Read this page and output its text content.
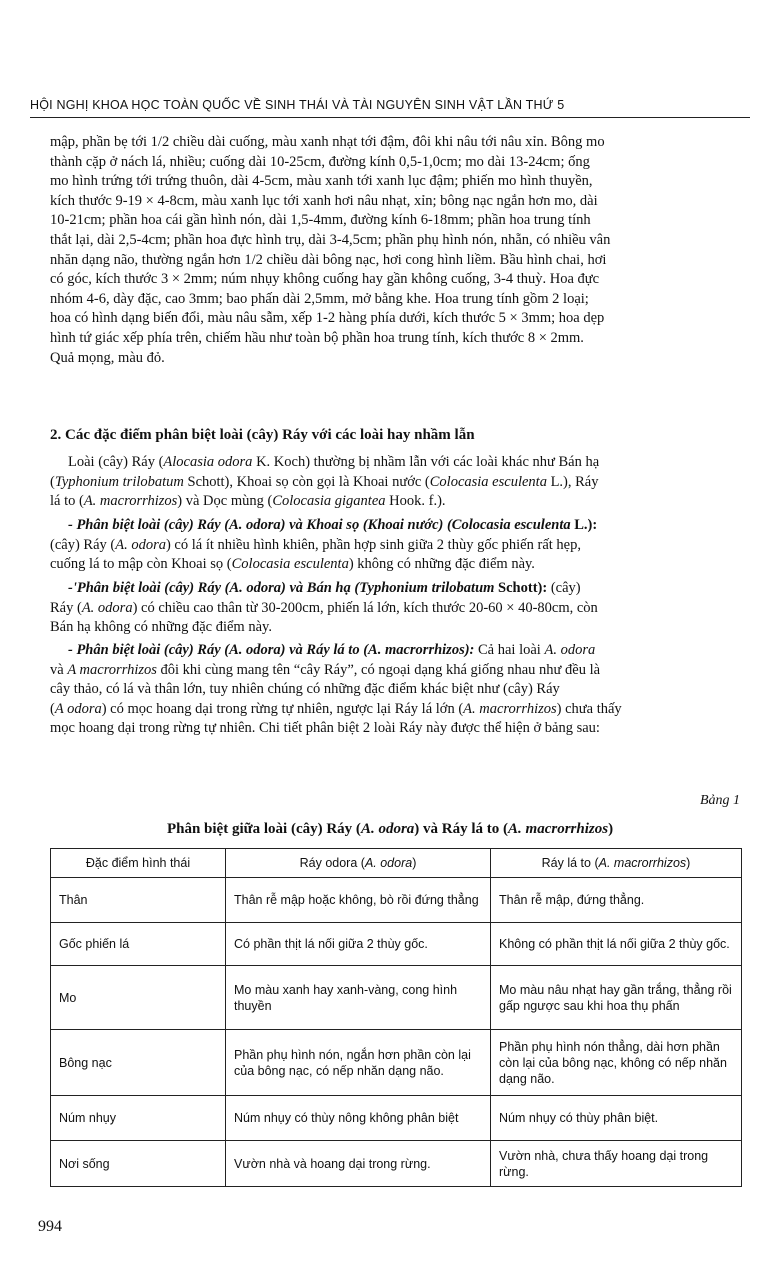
HỘI NGHỊ KHOA HỌC TOÀN QUỐC VỀ SINH THÁI VÀ TÀI NGUYÊN SINH VẬT LẦN THỨ 5
mập, phần bẹ tới 1/2 chiều dài cuống, màu xanh nhạt tới đậm, đôi khi nâu tới nâu xỉn. Bông mo
thành cặp ở nách lá, nhiều; cuống dài 10-25cm, đường kính 0,5-1,0cm; mo dài 13-24cm; ống
mo hình trứng tới trứng thuôn, dài 4-5cm, màu xanh tới xanh lục đậm; phiến mo hình thuyền,
kích thước 9-19 × 4-8cm, màu xanh lục tới xanh hơi nâu nhạt, xỉn; bông nạc ngắn hơn mo, dài
10-21cm; phần hoa cái gần hình nón, dài 1,5-4mm, đường kính 6-18mm; phần hoa trung tính
thắt lại, dài 2,5-4cm; phần hoa đực hình trụ, dài 3-4,5cm; phần phụ hình nón, nhẵn, có nhiều vân
nhăn dạng não, thường ngắn hơn 1/2 chiều dài bông nạc, hơi cong hình liềm. Bầu hình chai, hơi
có góc, kích thước 3 × 2mm; núm nhụy không cuống hay gần không cuống, 3-4 thuỳ. Hoa đực
nhóm 4-6, dày đặc, cao 3mm; bao phấn dài 2,5mm, mở bằng khe. Hoa trung tính gồm 2 loại;
hoa có hình dạng biến đổi, màu nâu sẫm, xếp 1-2 hàng phía dưới, kích thước 5 × 3mm; hoa dẹp
hình tứ giác xếp phía trên, chiếm hầu như toàn bộ phần hoa trung tính, kích thước 8 × 2mm.
Quả mọng, màu đỏ.
2. Các đặc điểm phân biệt loài (cây) Ráy với các loài hay nhầm lẫn
Loài (cây) Ráy (Alocasia odora K. Koch) thường bị nhầm lẫn với các loài khác như Bán hạ
(Typhonium trilobatum Schott), Khoai sọ còn gọi là Khoai nước (Colocasia esculenta L.), Ráy
lá to (A. macrorrhizos) và Dọc mùng (Colocasia gigantea Hook. f.).
- Phân biệt loài (cây) Ráy (A. odora) và Khoai sọ (Khoai nước) (Colocasia esculenta L.):
(cây) Ráy (A. odora) có lá ít nhiều hình khiên, phần hợp sinh giữa 2 thùy gốc phiến rất hẹp,
cuống lá to mập còn Khoai sọ (Colocasia esculenta) không có những đặc điểm này.
-'Phân biệt loài (cây) Ráy (A. odora) và Bán hạ (Typhonium trilobatum Schott): (cây)
Ráy (A. odora) có chiều cao thân từ 30-200cm, phiến lá lớn, kích thước 20-60 × 40-80cm, còn
Bán hạ không có những đặc điểm này.
- Phân biệt loài (cây) Ráy (A. odora) và Ráy lá to (A. macrorrhizos): Cả hai loài A. odora
và A macrorrhizos đôi khi cùng mang tên “cây Ráy”, có ngoại dạng khá giống nhau như đều là
cây thảo, có lá và thân lớn, tuy nhiên chúng có những đặc điểm khác biệt như (cây) Ráy
(A odora) có mọc hoang dại trong rừng tự nhiên, ngược lại Ráy lá lớn (A. macrorrhizos) chưa thấy
mọc hoang dại trong rừng tự nhiên. Chi tiết phân biệt 2 loài Ráy này được thể hiện ở bảng sau:
Bảng 1
Phân biệt giữa loài (cây) Ráy (A. odora) và Ráy lá to (A. macrorrhizos)
Đặc điểm hình thái	Ráy odora (A. odora)	Ráy lá to (A. macrorrhizos)
Thân	Thân rễ mập hoặc không, bò rồi đứng thẳng	Thân rễ mập, đứng thẳng.
Gốc phiến lá	Có phần thịt lá nối giữa 2 thùy gốc.	Không có phần thịt lá nối giữa 2 thùy gốc.
Mo	Mo màu xanh hay xanh-vàng, cong hình thuyền	Mo màu nâu nhạt hay gần trắng, thẳng rồi gấp ngược sau khi hoa thụ phấn
Bông nạc	Phần phụ hình nón, ngắn hơn phần còn lại của bông nạc, có nếp nhăn dạng não.	Phần phụ hình nón thẳng, dài hơn phần còn lại của bông nạc, không có nếp nhăn dạng não.
Núm nhụy	Núm nhụy có thùy nông không phân biệt	Núm nhụy có thùy phân biệt.
Nơi sống	Vườn nhà và hoang dại trong rừng.	Vườn nhà, chưa thấy hoang dại trong rừng.
994
